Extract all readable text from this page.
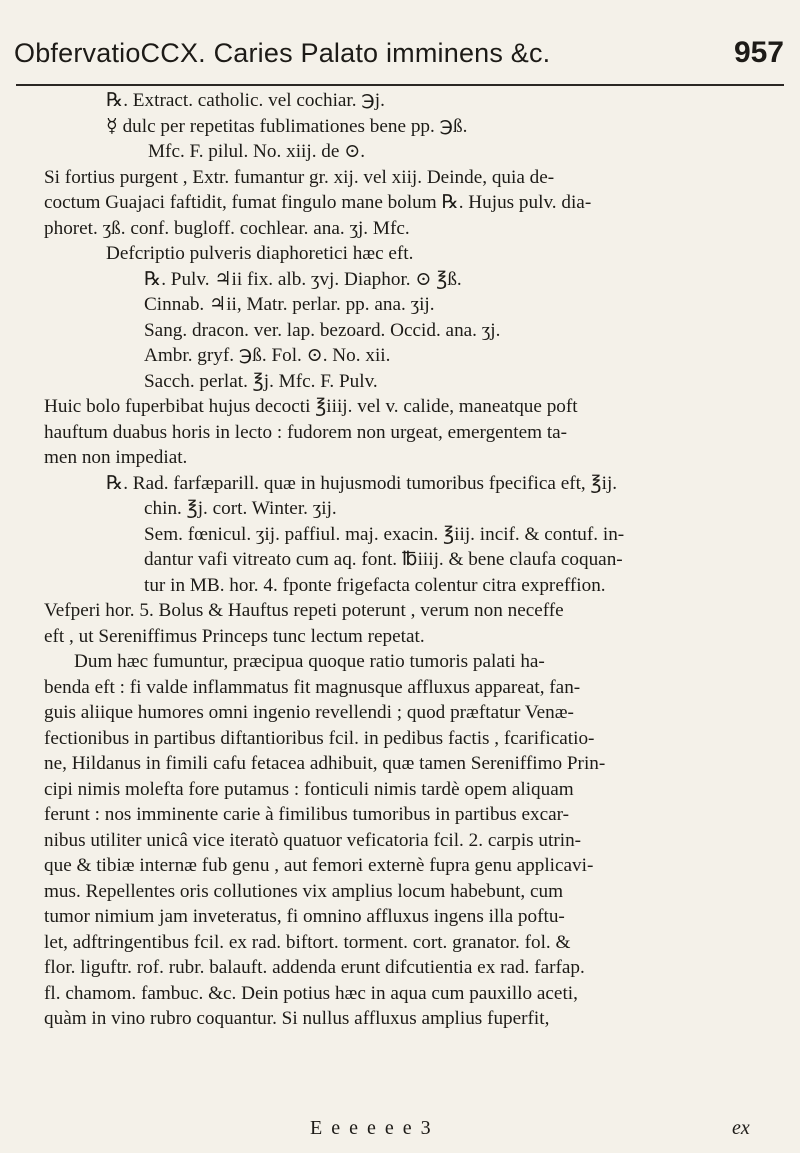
ObfervatioCCX. Caries Palato imminens &c.	957
℞. Extract. catholic. vel cochiar. ℈j.
☿ dulc per repetitas fublimationes bene pp. ℈ß.
Mfc. F. pilul. No. xiij. de ⊙.
Si fortius purgent , Extr. fumantur gr. xij. vel xiij. Deinde, quia de-
coctum Guajaci faftidit, fumat fingulo mane bolum ℞. Hujus pulv. dia-
phoret. ʒß. conf. bugloff. cochlear. ana. ʒj. Mfc.
Defcriptio pulveris diaphoretici hæc eft.
℞. Pulv. ♃ii fix. alb. ʒvj. Diaphor. ⊙ ℥ß.
Cinnab. ♃ii, Matr. perlar. pp. ana. ʒij.
Sang. dracon. ver. lap. bezoard. Occid. ana. ʒj.
Ambr. gryf. ℈ß. Fol. ⊙. No. xii.
Sacch. perlat. ℥j. Mfc. F. Pulv.
Huic bolo fuperbibat hujus decocti ℥iiij. vel v. calide, maneatque poft
hauftum duabus horis in lecto : fudorem non urgeat, emergentem ta-
men non impediat.
℞. Rad. farfæparill. quæ in hujusmodi tumoribus fpecifica eft, ℥ij.
chin. ℥j. cort. Winter. ʒij.
Sem. fœnicul. ʒij. paffiul. maj. exacin. ℥iij. incif. & contuf. in-
dantur vafi vitreato cum aq. font. ℔iiij. & bene claufa coquan-
tur in MB. hor. 4. fponte frigefacta colentur citra expreffion.
Vefperi hor. 5. Bolus & Hauftus repeti poterunt , verum non neceffe
eft , ut Sereniffimus Princeps tunc lectum repetat.
Dum hæc fumuntur, præcipua quoque ratio tumoris palati ha-
benda eft : fi valde inflammatus fit magnusque affluxus appareat, fan-
guis aliique humores omni ingenio revellendi ; quod præftatur Venæ-
fectionibus in partibus diftantioribus fcil. in pedibus factis , fcarificatio-
ne, Hildanus in fimili cafu fetacea adhibuit, quæ tamen Sereniffimo Prin-
cipi nimis molefta fore putamus : fonticuli nimis tardè opem aliquam
ferunt : nos imminente carie à fimilibus tumoribus in partibus excar-
nibus utiliter unicâ vice iteratò quatuor veficatoria fcil. 2. carpis utrin-
que & tibiæ internæ fub genu , aut femori externè fupra genu applicavi-
mus. Repellentes oris collutiones vix amplius locum habebunt, cum
tumor nimium jam inveteratus, fi omnino affluxus ingens illa poftu-
let, adftringentibus fcil. ex rad. biftort. torment. cort. granator. fol. &
flor. liguftr. rof. rubr. balauft. addenda erunt difcutientia ex rad. farfap.
fl. chamom. fambuc. &c. Dein potius hæc in aqua cum pauxillo aceti,
quàm in vino rubro coquantur. Si nullus affluxus amplius fuperfit,
E e e e e e 3	ex
